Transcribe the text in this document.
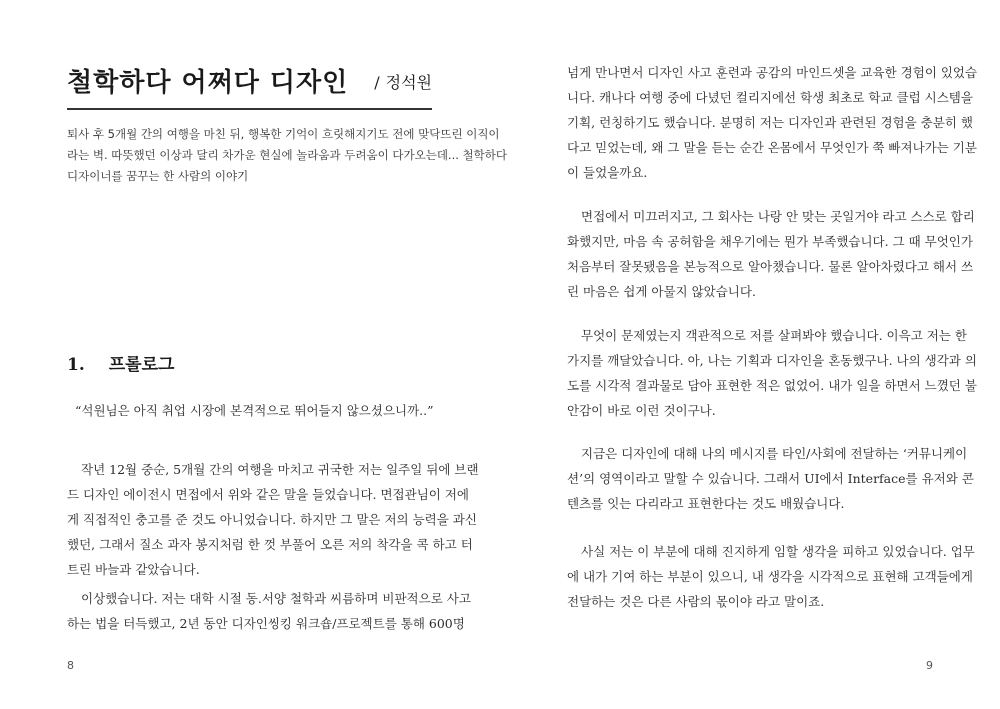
철학하다 어쩌다 디자인 / 정석원

퇴사 후 5개월 간의 여행을 마친 뒤, 행복한 기억이 흐릿해지기도 전에 맞닥뜨린 이직이
라는 벽. 따뜻했던 이상과 달리 차가운 현실에 놀라움과 두려움이 다가오는데... 철학하다
디자이너를 꿈꾸는 한 사람의 이야기

1. 프롤로그

“석원님은 아직 취업 시장에 본격적으로 뛰어들지 않으셨으니까..”

작년 12월 중순, 5개월 간의 여행을 마치고 귀국한 저는 일주일 뒤에 브랜
드 디자인 에이전시 면접에서 위와 같은 말을 들었습니다. 면접관님이 저에
게 직접적인 충고를 준 것도 아니었습니다. 하지만 그 말은 저의 능력을 과신
했던, 그래서 질소 과자 봉지처럼 한 껏 부풀어 오른 저의 착각을 콕 하고 터
트린 바늘과 같았습니다.

이상했습니다. 저는 대학 시절 동.서양 철학과 씨름하며 비판적으로 사고
하는 법을 터득했고, 2년 동안 디자인씽킹 워크숍/프로젝트를 통해 600명

8

넘게 만나면서 디자인 사고 훈련과 공감의 마인드셋을 교육한 경험이 있었습
니다. 캐나다 여행 중에 다녔던 컬리지에선 학생 최초로 학교 클럽 시스템을
기획, 런칭하기도 했습니다. 분명히 저는 디자인과 관련된 경험을 충분히 했
다고 믿었는데, 왜 그 말을 듣는 순간 온몸에서 무엇인가 쭉 빠져나가는 기분
이 들었을까요.

면접에서 미끄러지고, 그 회사는 나랑 안 맞는 곳일거야 라고 스스로 합리
화했지만, 마음 속 공허함을 채우기에는 뭔가 부족했습니다. 그 때 무엇인가
처음부터 잘못됐음을 본능적으로 알아챘습니다. 물론 알아차렸다고 해서 쓰
린 마음은 쉽게 아물지 않았습니다.

무엇이 문제였는지 객관적으로 저를 살펴봐야 했습니다. 이윽고 저는 한
가지를 깨달았습니다. 아, 나는 기획과 디자인을 혼동했구나. 나의 생각과 의
도를 시각적 결과물로 담아 표현한 적은 없었어. 내가 일을 하면서 느꼈던 불
안감이 바로 이런 것이구나.

지금은 디자인에 대해 나의 메시지를 타인/사회에 전달하는 ‘커뮤니케이
션’의 영역이라고 말할 수 있습니다. 그래서 UI에서 Interface를 유저와 콘
텐츠를 잇는 다리라고 표현한다는 것도 배웠습니다.

사실 저는 이 부분에 대해 진지하게 임할 생각을 피하고 있었습니다. 업무
에 내가 기여 하는 부분이 있으니, 내 생각을 시각적으로 표현해 고객들에게
전달하는 것은 다른 사람의 몫이야 라고 말이죠.

9
